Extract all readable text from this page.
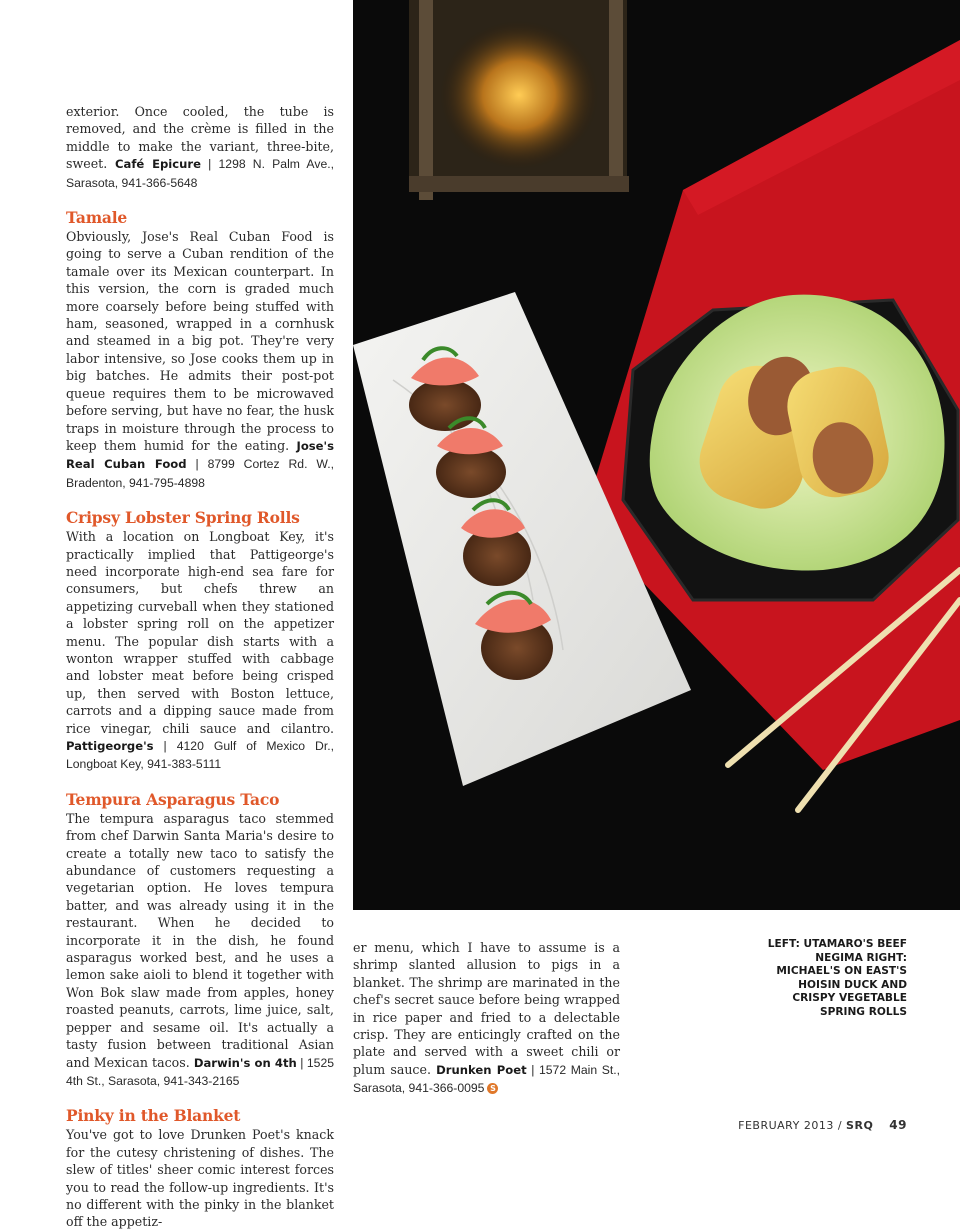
exterior. Once cooled, the tube is removed, and the crème is filled in the middle to make the variant, three-bite, sweet. Café Epicure | 1298 N. Palm Ave., Sarasota, 941-366-5648

Tamale

Obviously, Jose's Real Cuban Food is going to serve a Cuban rendition of the tamale over its Mexican counterpart. In this version, the corn is graded much more coarsely before being stuffed with ham, seasoned, wrapped in a cornhusk and steamed in a big pot. They're very labor intensive, so Jose cooks them up in big batches. He admits their post-pot queue requires them to be microwaved before serving, but have no fear, the husk traps in moisture through the process to keep them humid for the eating. Jose's Real Cuban Food | 8799 Cortez Rd. W., Bradenton, 941-795-4898

Cripsy Lobster Spring Rolls

With a location on Longboat Key, it's practically implied that Pattigeorge's need incorporate high-end sea fare for consumers, but chefs threw an appetizing curveball when they stationed a lobster spring roll on the appetizer menu. The popular dish starts with a wonton wrapper stuffed with cabbage and lobster meat before being crisped up, then served with Boston lettuce, carrots and a dipping sauce made from rice vinegar, chili sauce and cilantro. Pattigeorge's | 4120 Gulf of Mexico Dr., Longboat Key, 941-383-5111

Tempura Asparagus Taco

The tempura asparagus taco stemmed from chef Darwin Santa Maria's desire to create a totally new taco to satisfy the abundance of customers requesting a vegetarian option. He loves tempura batter, and was already using it in the restaurant. When he decided to incorporate it in the dish, he found asparagus worked best, and he uses a lemon sake aioli to blend it together with Won Bok slaw made from apples, honey roasted peanuts, carrots, lime juice, salt, pepper and sesame oil. It's actually a tasty fusion between traditional Asian and Mexican tacos. Darwin's on 4th | 1525 4th St., Sarasota, 941-343-2165

Pinky in the Blanket

You've got to love Drunken Poet's knack for the cutesy christening of dishes. The slew of titles' sheer comic interest forces you to read the follow-up ingredients. It's no different with the pinky in the blanket off the appetiz-

er menu, which I have to assume is a shrimp slanted allusion to pigs in a blanket. The shrimp are marinated in the chef's secret sauce before being wrapped in rice paper and fried to a delectable crisp. They are enticingly crafted on the plate and served with a sweet chili or plum sauce. Drunken Poet | 1572 Main St., Sarasota, 941-366-0095 S

LEFT: UTAMARO'S BEEF NEGIMA RIGHT: MICHAEL'S ON EAST'S HOISIN DUCK AND CRISPY VEGETABLE SPRING ROLLS
FEBRUARY 2013 / SRQ 49
